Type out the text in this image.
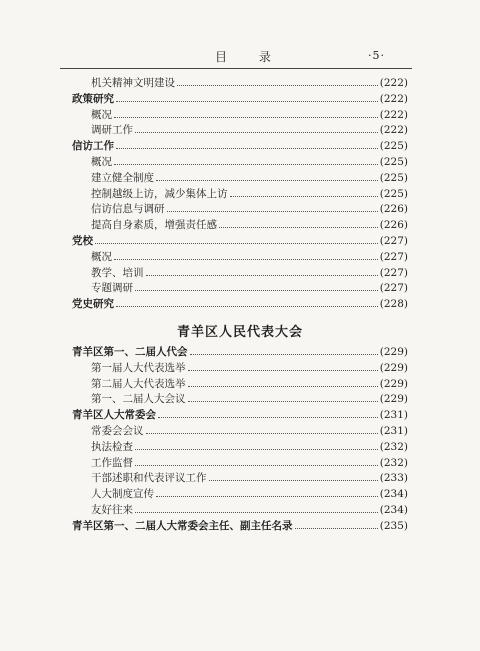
目 录	·5·
机关精神文明建设	(222)
政策研究	(222)
概况	(222)
调研工作	(222)
信访工作	(225)
概况	(225)
建立健全制度	(225)
控制越级上访，减少集体上访	(225)
信访信息与调研	(226)
提高自身素质，增强责任感	(226)
党校	(227)
概况	(227)
教学、培训	(227)
专题调研	(227)
党史研究	(228)
青羊区第一、二届人代会	(229)
第一届人大代表选举	(229)
第二届人大代表选举	(229)
第一、二届人大会议	(229)
青羊区人大常委会	(231)
常委会会议	(231)
执法检查	(232)
工作监督	(232)
干部述职和代表评议工作	(233)
人大制度宣传	(234)
友好往来	(234)
青羊区第一、二届人大常委会主任、副主任名录	(235)
青羊区人民代表大会
